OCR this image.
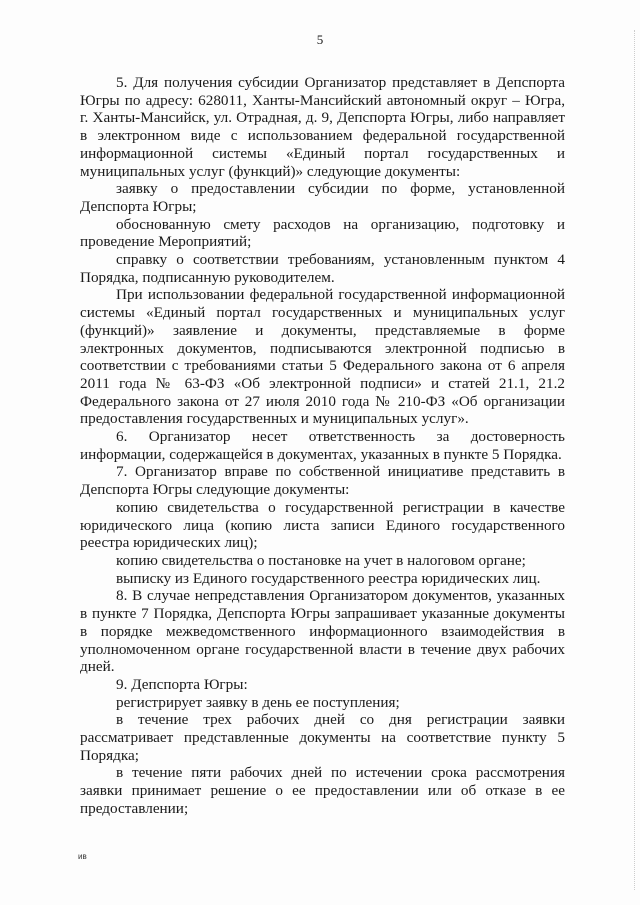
5

5. Для получения субсидии Организатор представляет в Депспорта Югры по адресу: 628011, Ханты-Мансийский автономный округ – Югра, г. Ханты-Мансийск, ул. Отрадная, д. 9, Депспорта Югры, либо направляет в электронном виде с использованием федеральной государственной информационной системы «Единый портал государственных и муниципальных услуг (функций)» следующие документы:

заявку о предоставлении субсидии по форме, установленной Депспорта Югры;

обоснованную смету расходов на организацию, подготовку и проведение Мероприятий;

справку о соответствии требованиям, установленным пунктом 4 Порядка, подписанную руководителем.

При использовании федеральной государственной информационной системы «Единый портал государственных и муниципальных услуг (функций)» заявление и документы, представляемые в форме электронных документов, подписываются электронной подписью в соответствии с требованиями статьи 5 Федерального закона от 6 апреля 2011 года № 63-ФЗ «Об электронной подписи» и статей 21.1, 21.2 Федерального закона от 27 июля 2010 года № 210-ФЗ «Об организации предоставления государственных и муниципальных услуг».

6. Организатор несет ответственность за достоверность информации, содержащейся в документах, указанных в пункте 5 Порядка.

7. Организатор вправе по собственной инициативе представить в Депспорта Югры следующие документы:

копию свидетельства о государственной регистрации в качестве юридического лица (копию листа записи Единого государственного реестра юридических лиц);

копию свидетельства о постановке на учет в налоговом органе;

выписку из Единого государственного реестра юридических лиц.

8. В случае непредставления Организатором документов, указанных в пункте 7 Порядка, Депспорта Югры запрашивает указанные документы в порядке межведомственного информационного взаимодействия в уполномоченном органе государственной власти в течение двух рабочих дней.

9. Депспорта Югры:

регистрирует заявку в день ее поступления;

в течение трех рабочих дней со дня регистрации заявки рассматривает представленные документы на соответствие пункту 5 Порядка;

в течение пяти рабочих дней по истечении срока рассмотрения заявки принимает решение о ее предоставлении или об отказе в ее предоставлении;

ив
